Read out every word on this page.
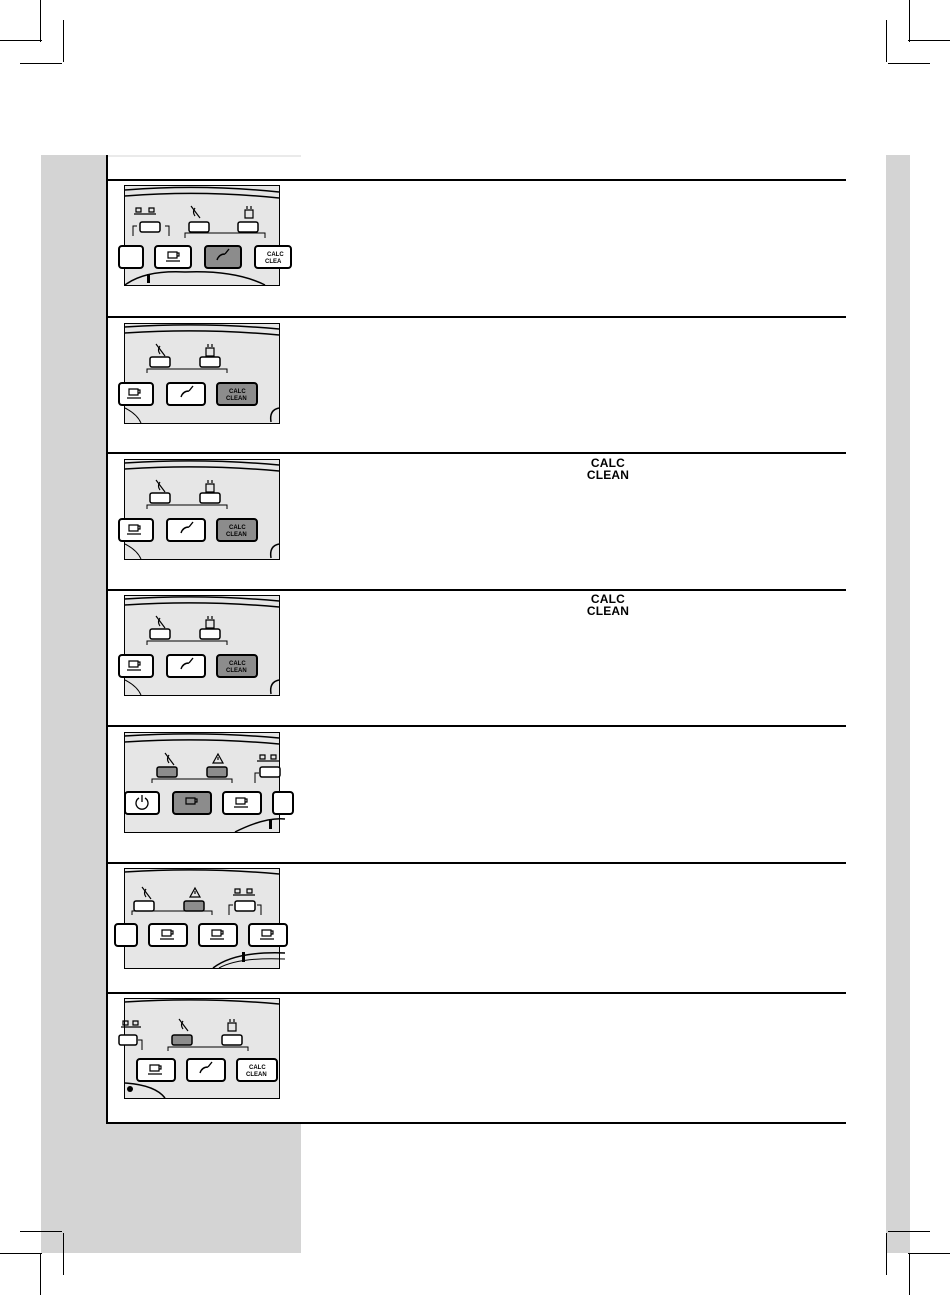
CALC
CLEA
CALC
CLEAN
CALC
CLEAN
CALC
CLEAN
CALC
CLEAN
CALC
CLEAN
CALC
CLEAN
